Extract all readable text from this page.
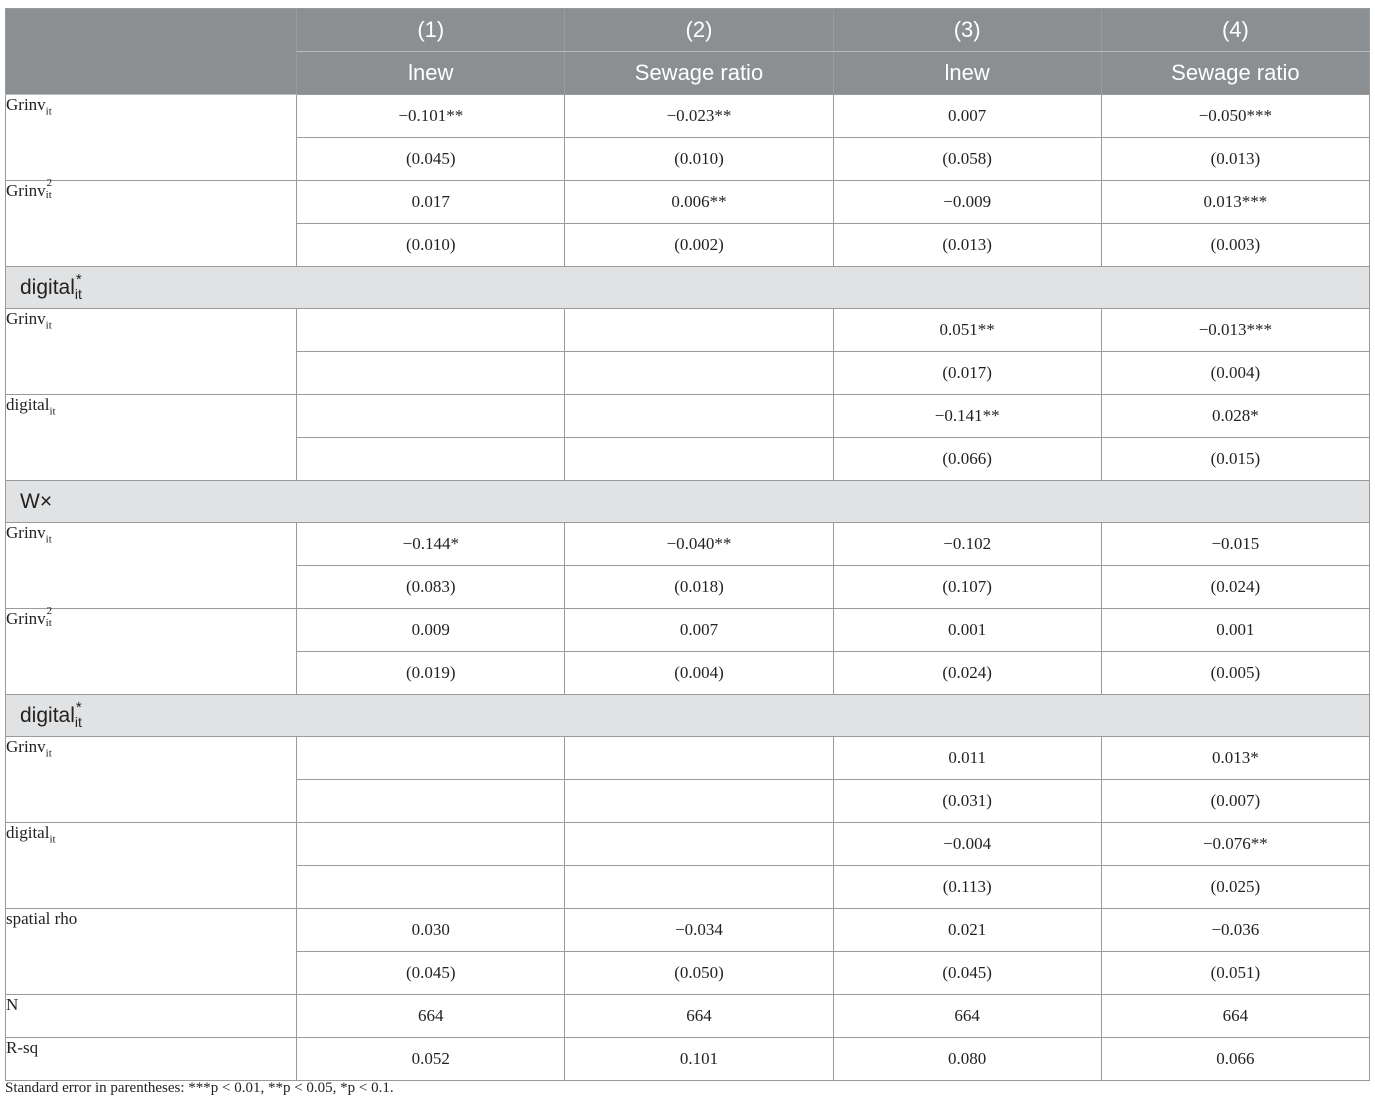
	(1)	(2)	(3)	(4)
	lnew	Sewage ratio	lnew	Sewage ratio
Grinv$_{it}$	−0.101**	−0.023**	0.007	−0.050***
	(0.045)	(0.010)	(0.058)	(0.013)
Grinv 2
it	0.017	0.006**	−0.009	0.013***
	(0.010)	(0.002)	(0.013)	(0.003)
digital *
it				

Grinv$_{it}$			0.051**	−0.013***
			(0.017)	(0.004)
digital$_{it}$			−0.141**	0.028*
			(0.066)	(0.015)
W×				
Grinv$_{it}$	−0.144*	−0.040**	−0.102	−0.015
	(0.083)	(0.018)	(0.107)	(0.024)
Grinv 2
it	0.009	0.007	0.001	0.001
	(0.019)	(0.004)	(0.024)	(0.005)
digital *
it				

Grinv$_{it}$			0.011	0.013*
			(0.031)	(0.007)
digital$_{it}$			−0.004	−0.076**
			(0.113)	(0.025)
spatial rho	0.030	−0.034	0.021	−0.036
	(0.045)	(0.050)	(0.045)	(0.051)
N	664	664	664	664
R-sq	0.052	0.101	0.080	0.066
Standard error in parentheses: ***p < 0.01, **p < 0.05, *p < 0.1.
